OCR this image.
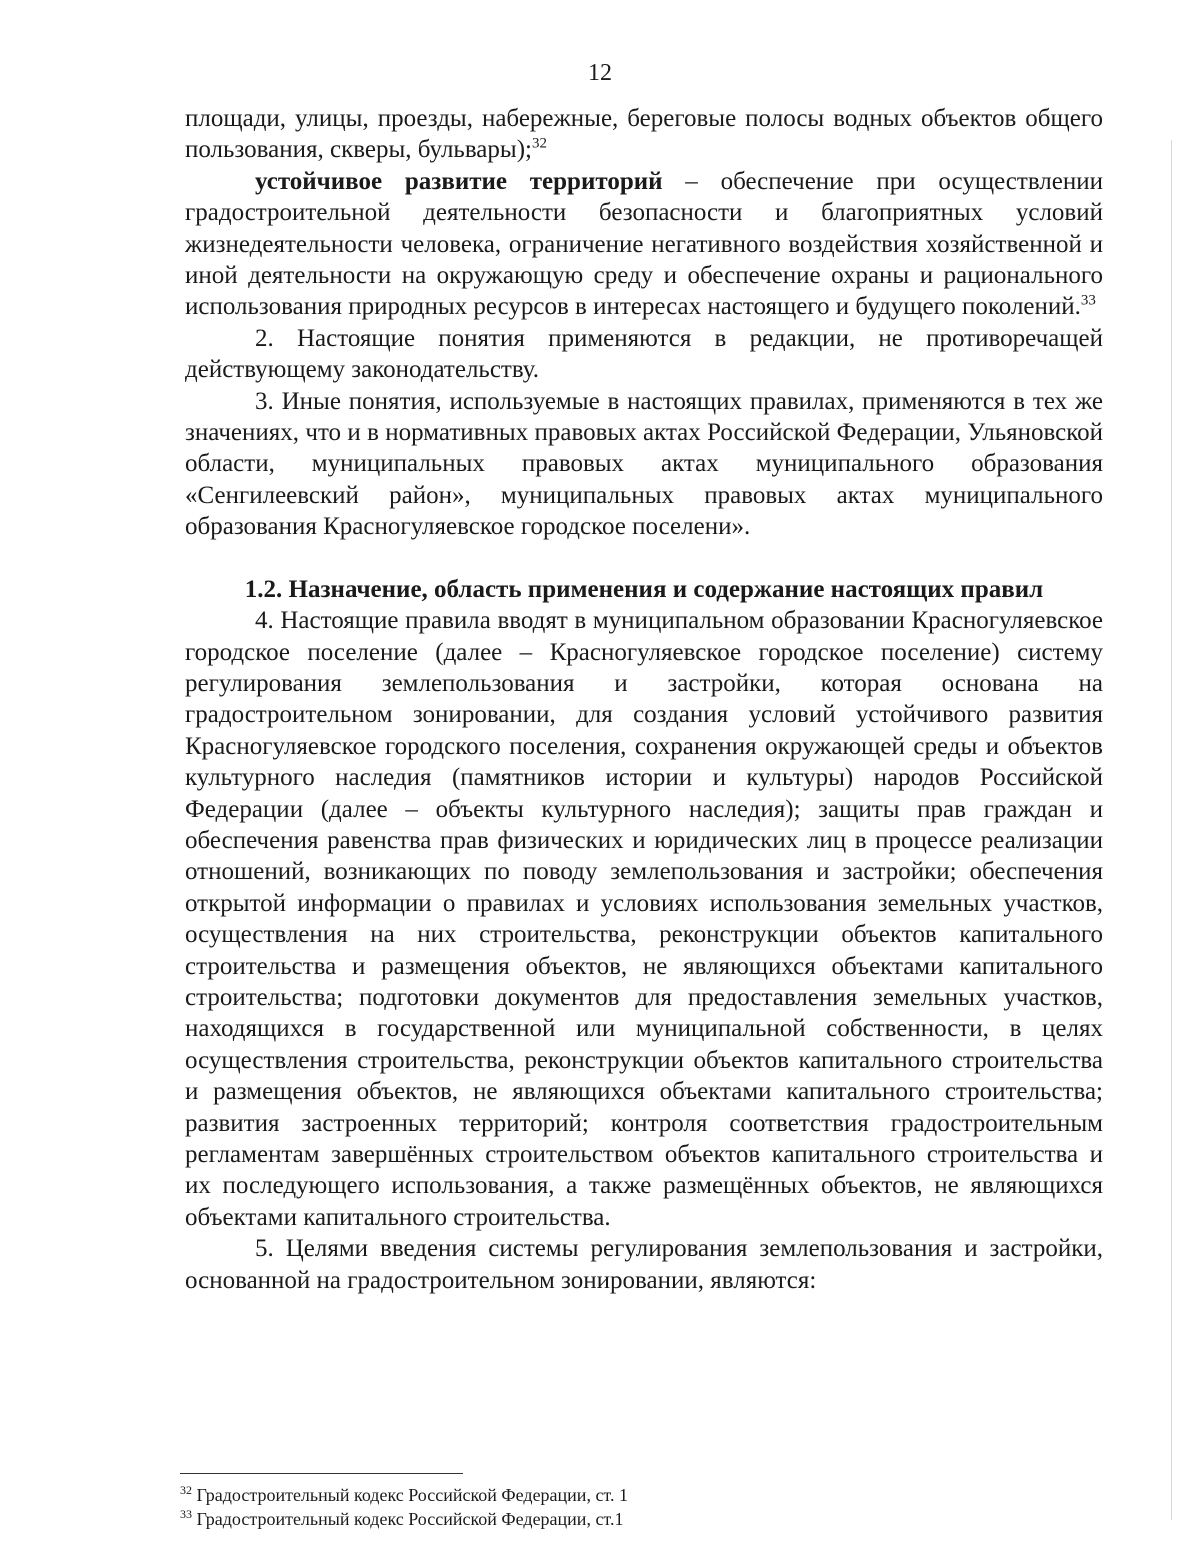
12

площади, улицы, проезды, набережные, береговые полосы водных объектов общего пользования, скверы, бульвары);$^{32}$

устойчивое развитие территорий – обеспечение при осуществлении градостроительной деятельности безопасности и благоприятных условий жизнедеятельности человека, ограничение негативного воздействия хозяйственной и иной деятельности на окружающую среду и обеспечение охраны и рационального использования природных ресурсов в интересах настоящего и будущего поколений.$^{33}$

2. Настоящие понятия применяются в редакции, не противоречащей действующему законодательству.

3. Иные понятия, используемые в настоящих правилах, применяются в тех же значениях, что и в нормативных правовых актах Российской Федерации, Ульяновской области, муниципальных правовых актах муниципального образования «Сенгилеевский район», муниципальных правовых актах муниципального образования Красногуляевское городское поселени».

1.2. Назначение, область применения и содержание настоящих правил

4. Настоящие правила вводят в муниципальном образовании Красногуляевское городское поселение (далее – Красногуляевское городское поселение) систему регулирования землепользования и застройки, которая основана на градостроительном зонировании, для создания условий устойчивого развития Красногуляевское городского поселения, сохранения окружающей среды и объектов культурного наследия (памятников истории и культуры) народов Российской Федерации (далее – объекты культурного наследия); защиты прав граждан и обеспечения равенства прав физических и юридических лиц в процессе реализации отношений, возникающих по поводу землепользования и застройки; обеспечения открытой информации о правилах и условиях использования земельных участков, осуществления на них строительства, реконструкции объектов капитального строительства и размещения объектов, не являющихся объектами капитального строительства; подготовки документов для предоставления земельных участков, находящихся в государственной или муниципальной собственности, в целях осуществления строительства, реконструкции объектов капитального строительства и размещения объектов, не являющихся объектами капитального строительства; развития застроенных территорий; контроля соответствия градостроительным регламентам завершённых строительством объектов капитального строительства и их последующего использования, а также размещённых объектов, не являющихся объектами капитального строительства.

5. Целями введения системы регулирования землепользования и застройки, основанной на градостроительном зонировании, являются:

$^{32}$ Градостроительный кодекс Российской Федерации, ст. 1

$^{33}$ Градостроительный кодекс Российской Федерации, ст.1
